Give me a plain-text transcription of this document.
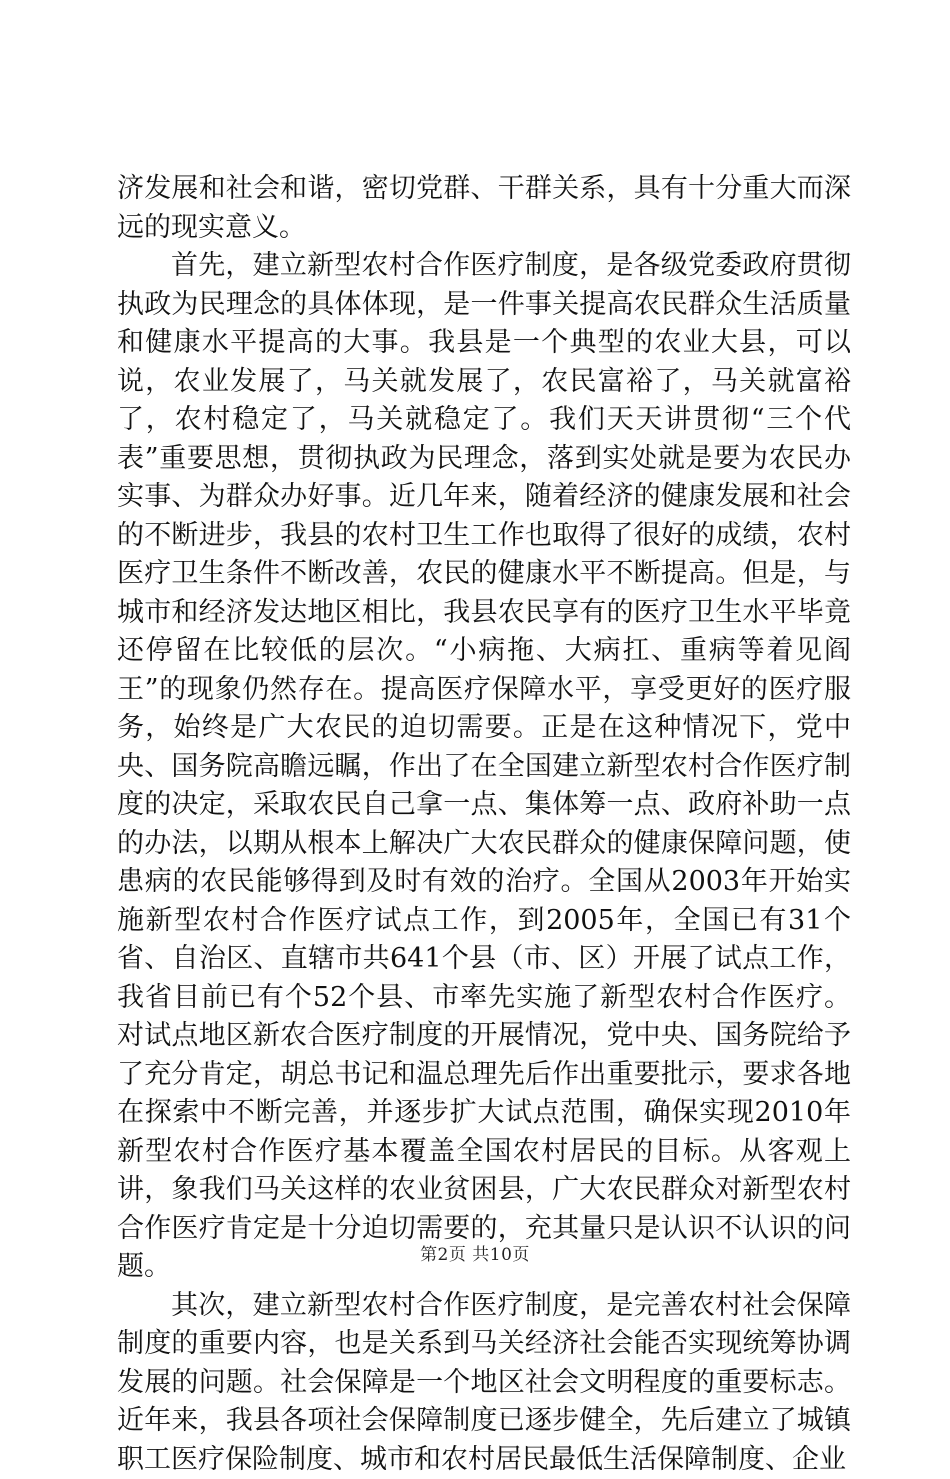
济发展和社会和谐，密切党群、干群关系，具有十分重大而深远的现实意义。

首先，建立新型农村合作医疗制度，是各级党委政府贯彻执政为民理念的具体体现，是一件事关提高农民群众生活质量和健康水平提高的大事。我县是一个典型的农业大县，可以说，农业发展了，马关就发展了，农民富裕了，马关就富裕了，农村稳定了，马关就稳定了。我们天天讲贯彻“三个代表”重要思想，贯彻执政为民理念，落到实处就是要为农民办实事、为群众办好事。近几年来，随着经济的健康发展和社会的不断进步，我县的农村卫生工作也取得了很好的成绩，农村医疗卫生条件不断改善，农民的健康水平不断提高。但是，与城市和经济发达地区相比，我县农民享有的医疗卫生水平毕竟还停留在比较低的层次。“小病拖、大病扛、重病等着见阎王”的现象仍然存在。提高医疗保障水平，享受更好的医疗服务，始终是广大农民的迫切需要。正是在这种情况下，党中央、国务院高瞻远瞩，作出了在全国建立新型农村合作医疗制度的决定，采取农民自己拿一点、集体筹一点、政府补助一点的办法，以期从根本上解决广大农民群众的健康保障问题，使患病的农民能够得到及时有效的治疗。全国从2003年开始实施新型农村合作医疗试点工作，到2005年，全国已有31个省、自治区、直辖市共641个县（市、区）开展了试点工作，我省目前已有个52个县、市率先实施了新型农村合作医疗。对试点地区新农合医疗制度的开展情况，党中央、国务院给予了充分肯定，胡总书记和温总理先后作出重要批示，要求各地在探索中不断完善，并逐步扩大试点范围，确保实现2010年新型农村合作医疗基本覆盖全国农村居民的目标。从客观上讲，象我们马关这样的农业贫困县，广大农民群众对新型农村合作医疗肯定是十分迫切需要的，充其量只是认识不认识的问题。

其次，建立新型农村合作医疗制度，是完善农村社会保障制度的重要内容，也是关系到马关经济社会能否实现统筹协调发展的问题。社会保障是一个地区社会文明程度的重要标志。近年来，我县各项社会保障制度已逐步健全，先后建立了城镇职工医疗保险制度、城市和农村居民最低生活保障制度、企业

第2页 共10页
